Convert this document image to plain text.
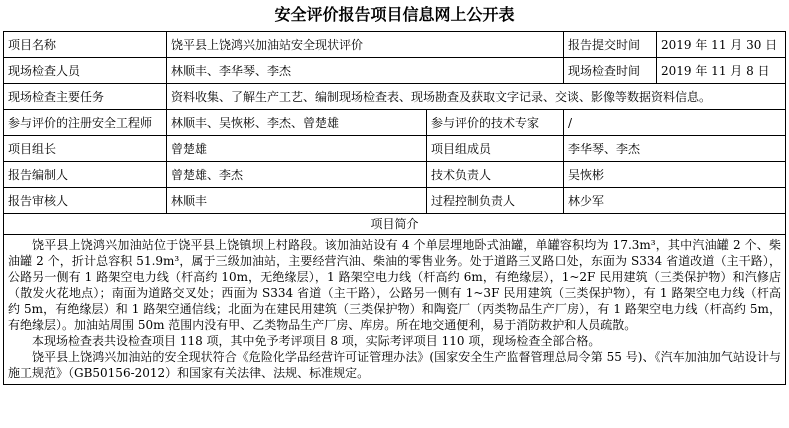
安全评价报告项目信息网上公开表
项目名称	饶平县上饶鸿兴加油站安全现状评价		报告提交时间	2019 年 11 月 30 日
现场检查人员	林顺丰、李华琴、李杰		现场检查时间	2019 年 11 月 8 日
现场检查主要任务	资料收集、了解生产工艺、编制现场检查表、现场勘查及获取文字记录、交谈、影像等数据资料信息。			
参与评价的注册安全工程师	林顺丰、吴恢彬、李杰、曾楚雄	参与评价的技术专家	/	
项目组长	曾楚雄	项目组成员	李华琴、李杰	
报告编制人	曾楚雄、李杰	技术负责人	吴恢彬	
报告审核人	林顺丰	过程控制负责人	林少军	
项目简介				

饶平县上饶鸿兴加油站位于饶平县上饶镇坝上村路段。该加油站设有 4 个单层埋地卧式油罐，单罐容积均为 17.3m³，其中汽油罐 2 个、柴油罐 2 个，折计总容积 51.9m³，属于三级加油站，主要经营汽油、柴油的零售业务。处于道路三叉路口处，东面为 S334 省道改道（主干路），公路另一侧有 1 路架空电力线（杆高约 10m，无绝缘层），1 路架空电力线（杆高约 6m，有绝缘层），1~2F 民用建筑（三类保护物）和汽修店（散发火花地点）；南面为道路交叉处；西面为 S334 省道（主干路），公路另一侧有 1~3F 民用建筑（三类保护物），有 1 路架空电力线（杆高约 5m，有绝缘层）和 1 路架空通信线；北面为在建民用建筑（三类保护物）和陶瓷厂（丙类物品生产厂房），有 1 路架空电力线（杆高约 5m，有绝缘层）。加油站周围 50m 范围内没有甲、乙类物品生产厂房、库房。所在地交通便利，易于消防救护和人员疏散。

本现场检查表共设检查项目 118 项，其中免予考评项目 8 项，实际考评项目 110 项，现场检查全部合格。

饶平县上饶鸿兴加油站的安全现状符合《危险化学品经营许可证管理办法》(国家安全生产监督管理总局令第 55 号)、《汽车加油加气站设计与施工规范》（GB50156-2012）和国家有关法律、法规、标准规定。				
